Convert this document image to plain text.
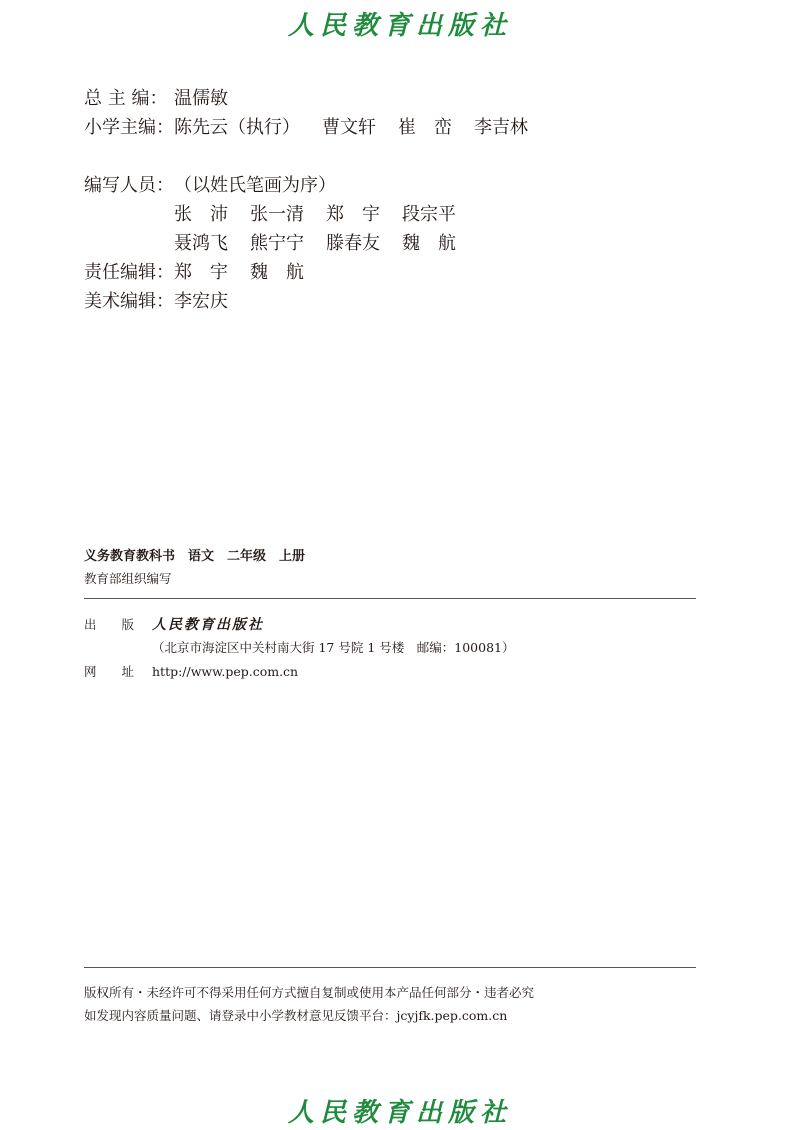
人民教育出版社
总 主 编： 温儒敏
小学主编：陈先云（执行） 曹文轩 崔　峦 李吉林
编写人员：（以姓氏笔画为序）
张　沛 张一清 郑　宇 段宗平
聂鸿飞 熊宁宁 滕春友 魏　航
责任编辑：郑　宇 魏　航
美术编辑：李宏庆
义务教育教科书　语文　二年级　上册
教育部组织编写
出　　版 人民教育出版社
（北京市海淀区中关村南大街 17 号院 1 号楼　邮编：100081）
网　　址 http://www.pep.com.cn
版权所有・未经许可不得采用任何方式擅自复制或使用本产品任何部分・违者必究
如发现内容质量问题、请登录中小学教材意见反馈平台：jcyjfk.pep.com.cn
人民教育出版社
